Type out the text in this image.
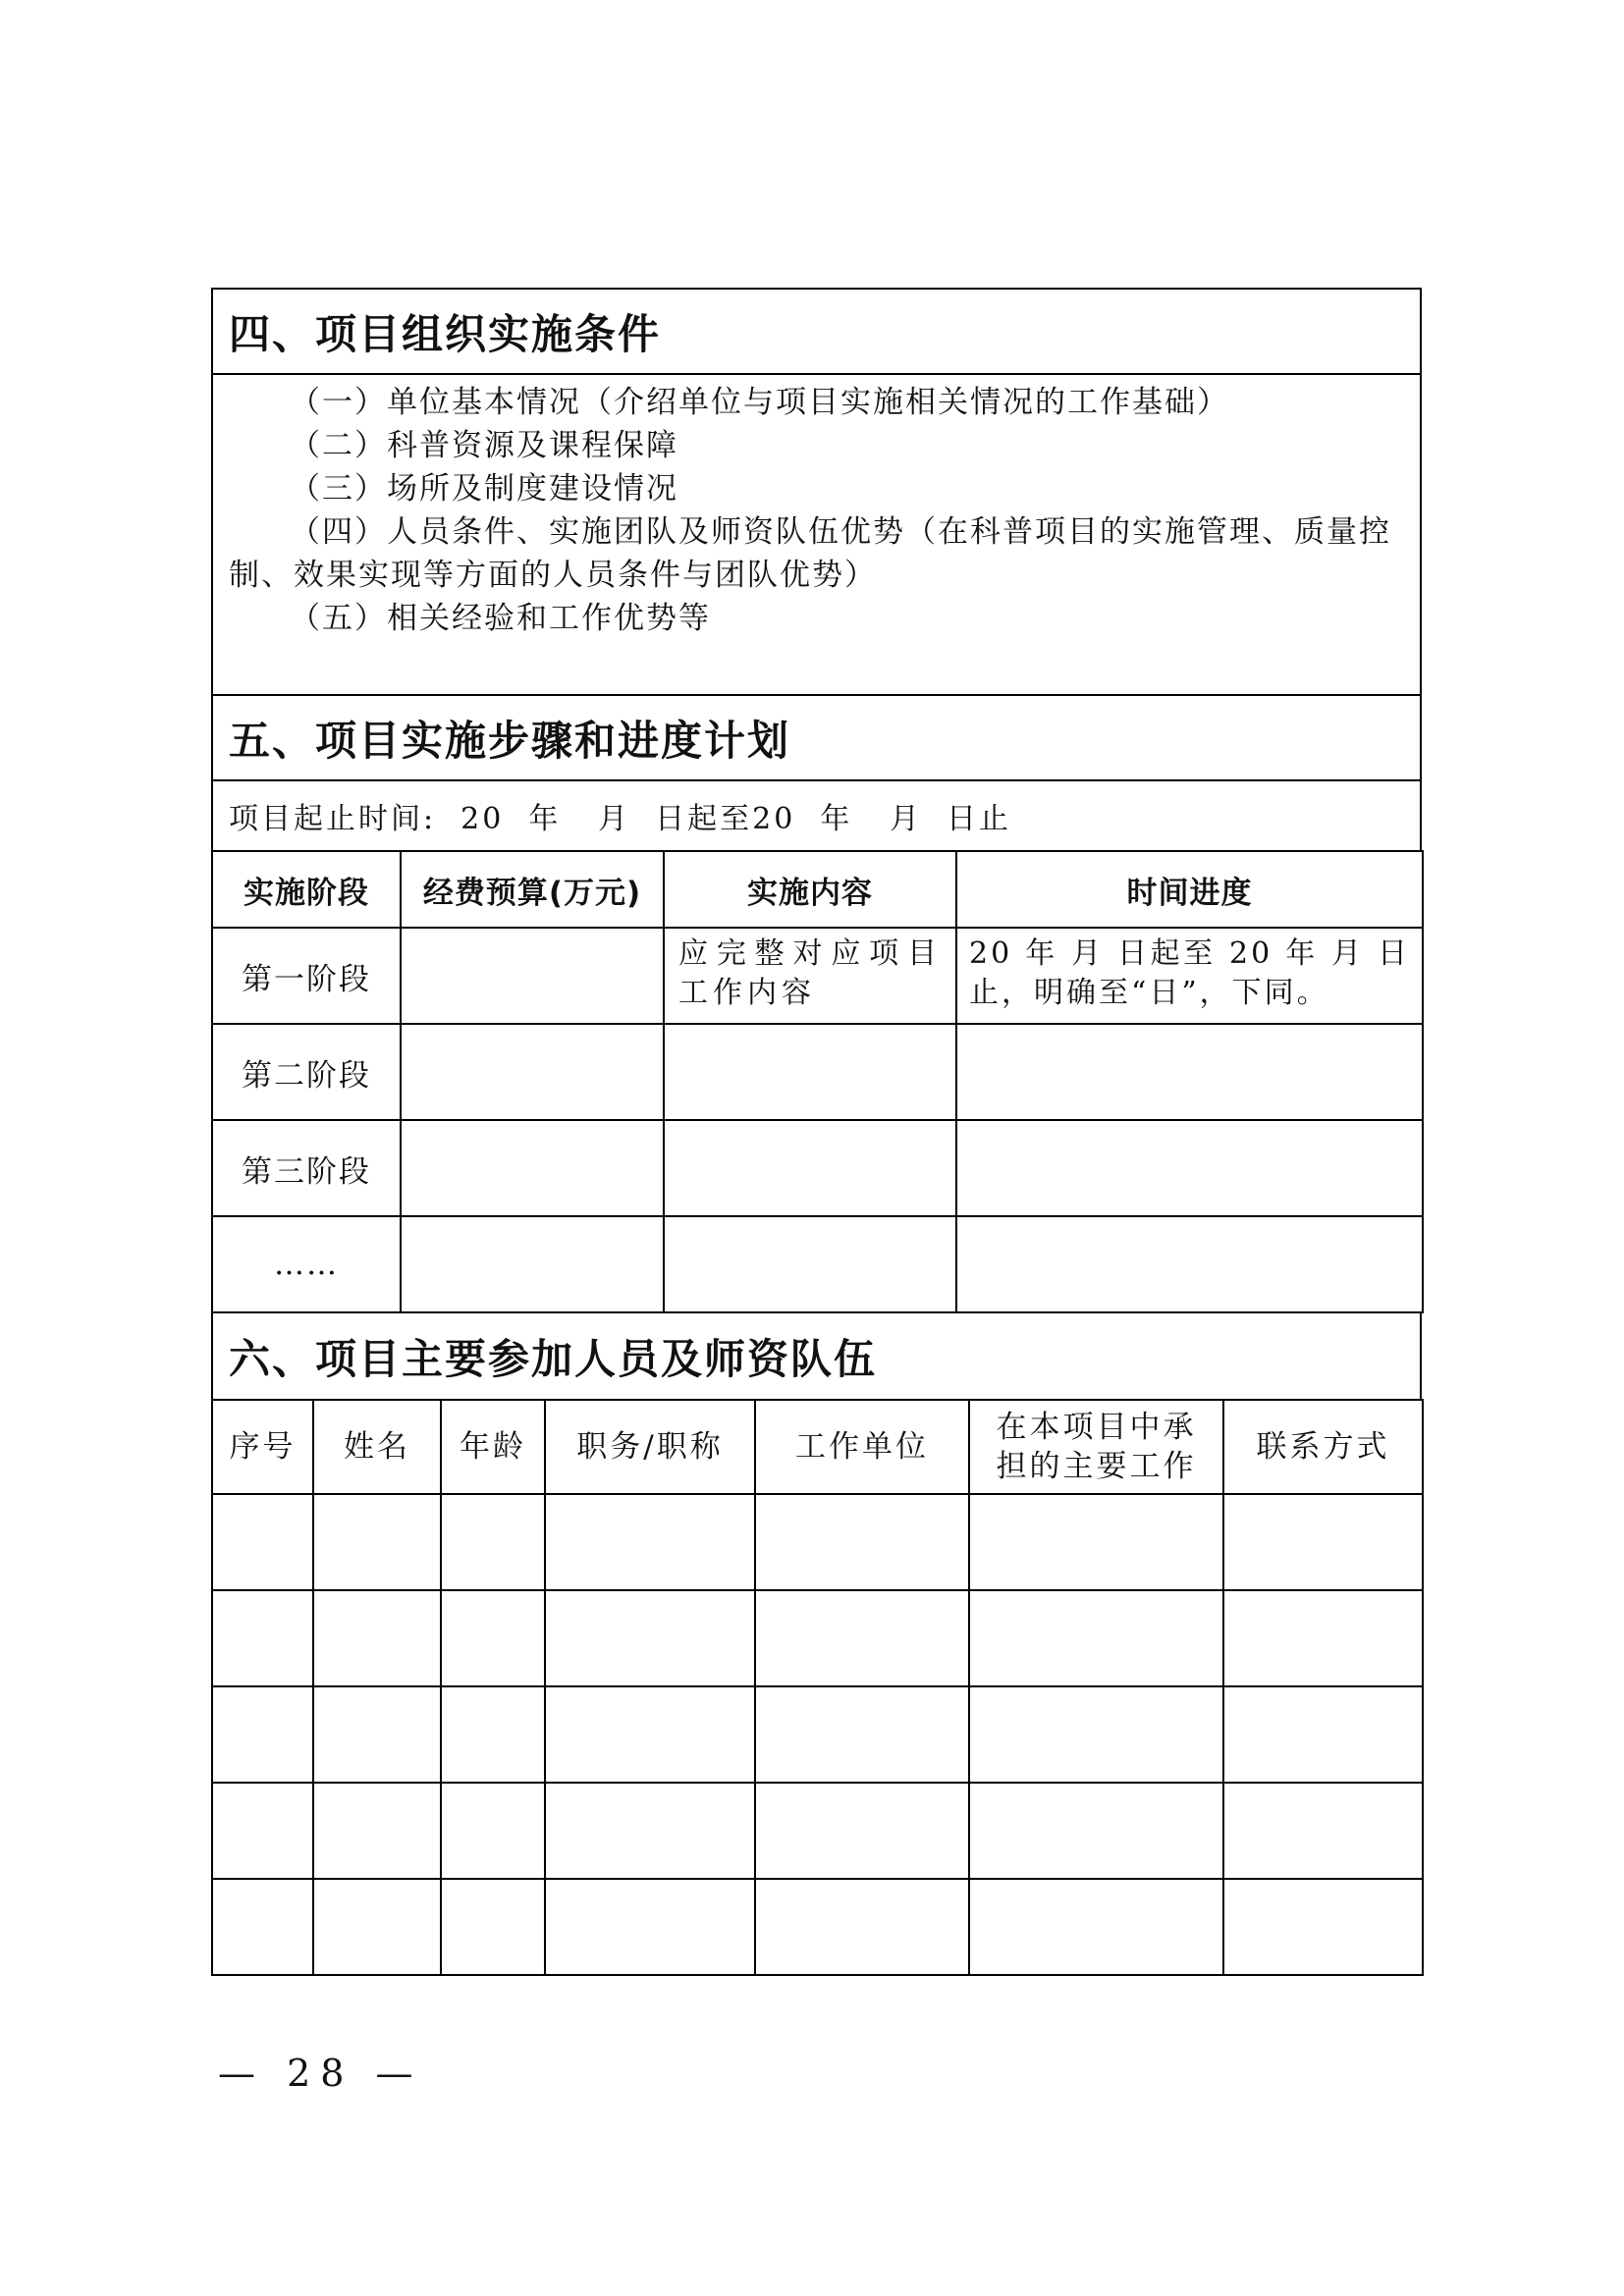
四、项目组织实施条件
（一）单位基本情况（介绍单位与项目实施相关情况的工作基础）
（二）科普资源及课程保障
（三）场所及制度建设情况
（四）人员条件、实施团队及师资队伍优势（在科普项目的实施管理、质量控制、效果实现等方面的人员条件与团队优势）
（五）相关经验和工作优势等
五、项目实施步骤和进度计划
项目起止时间:  20  年   月  日起至20  年   月  日止
实施阶段	经费预算(万元)	实施内容	时间进度
第一阶段		应完整对应项目工作内容	20 年 月 日起至 20 年 月 日止，明确至“日”，下同。
第二阶段			
第三阶段			
……			
六、项目主要参加人员及师资队伍
序号	姓名	年龄	职务/职称	工作单位	在本项目中承担的主要工作	联系方式

— 28 —
